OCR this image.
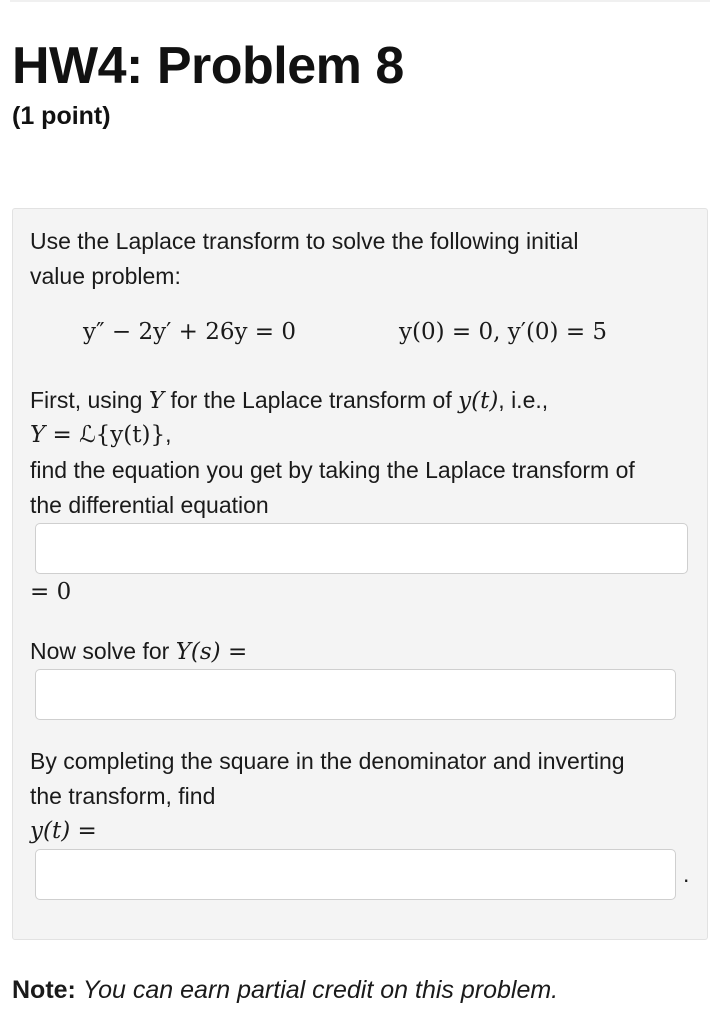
HW4: Problem 8
(1 point)
Use the Laplace transform to solve the following initial
value problem:
y″ − 2y′ + 26y = 0	y(0) = 0, y′(0) = 5
First, using Y for the Laplace transform of y(t), i.e.,
Y = ℒ{y(t)},
find the equation you get by taking the Laplace transform of
the differential equation
= 0
Now solve for Y(s) =
By completing the square in the denominator and inverting
the transform, find
y(t) =
.
Note: You can earn partial credit on this problem.
